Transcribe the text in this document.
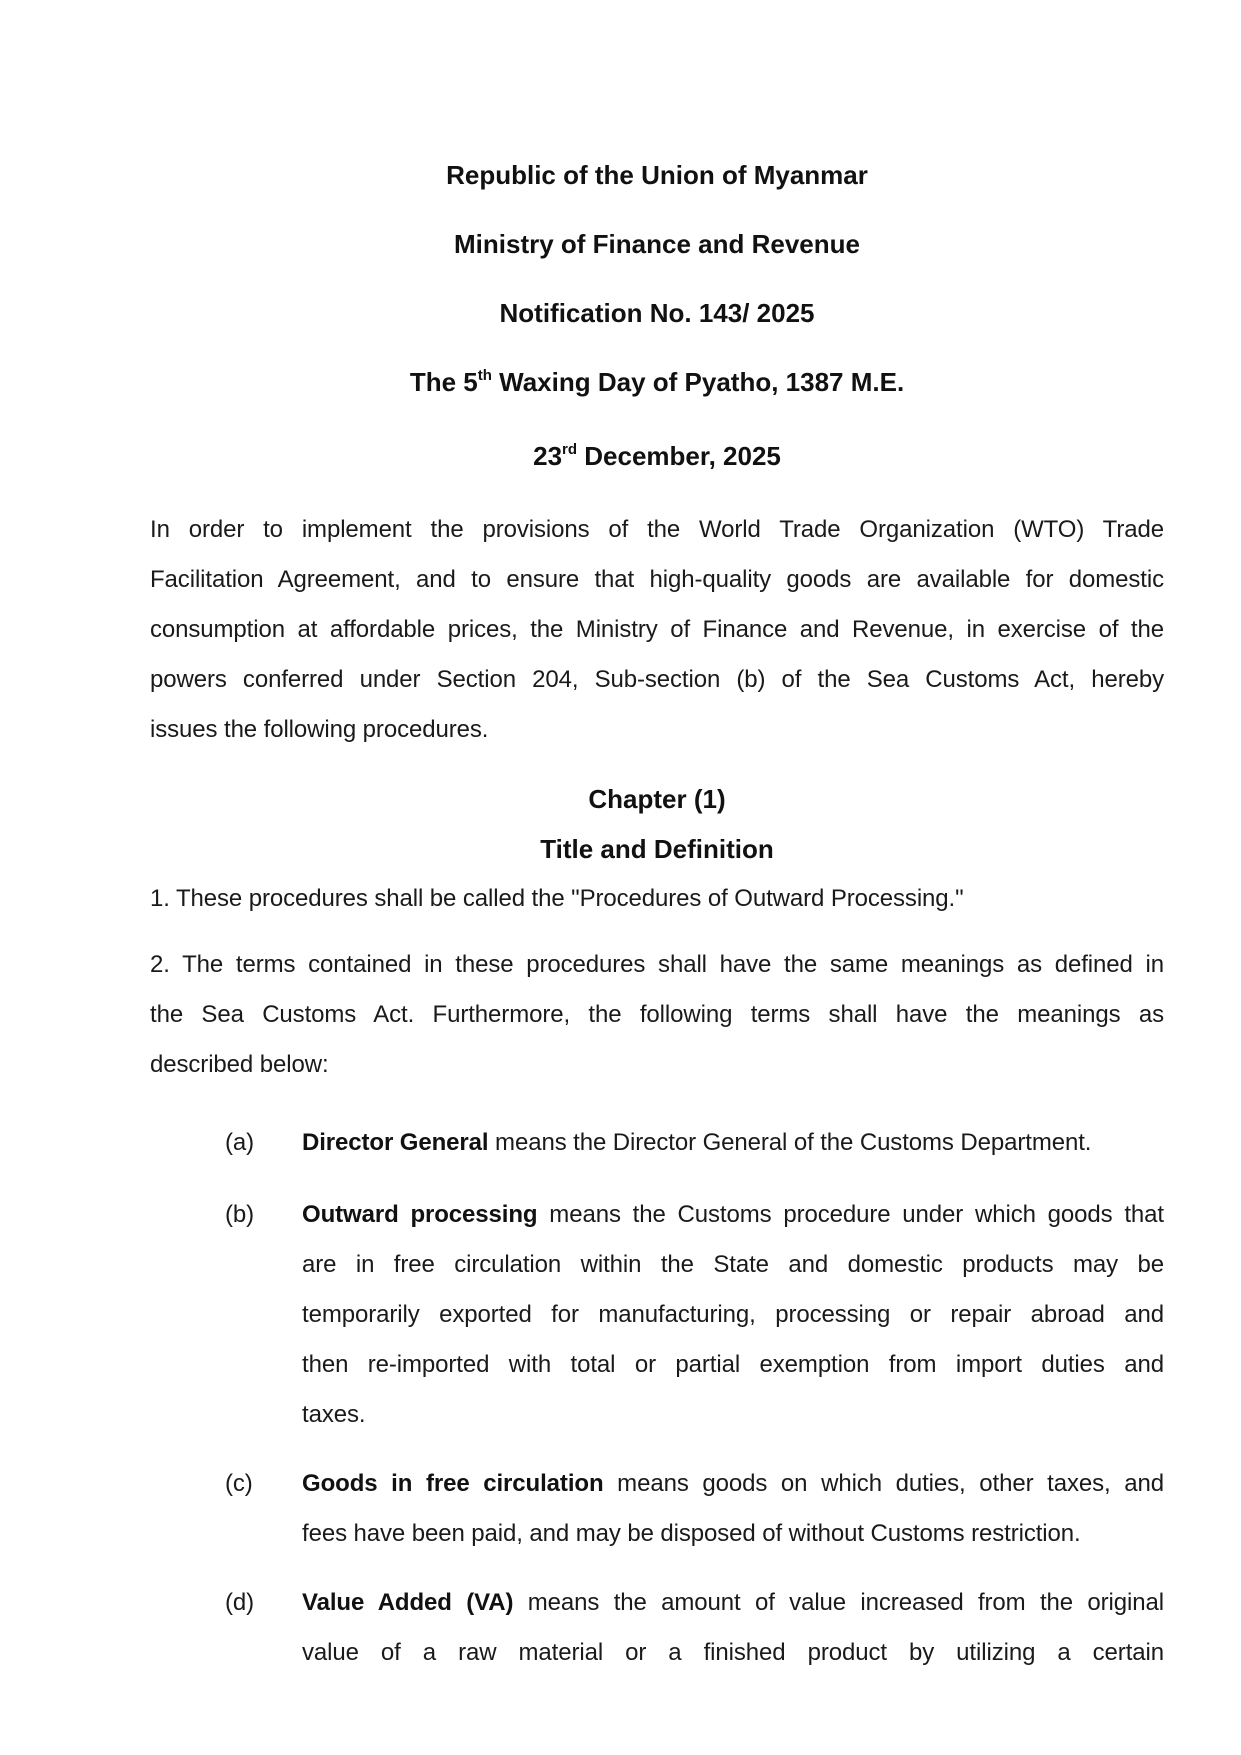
Republic of the Union of Myanmar
Ministry of Finance and Revenue
Notification No. 143/ 2025
The 5th Waxing Day of Pyatho, 1387 M.E.
23rd December, 2025
In order to implement the provisions of the World Trade Organization (WTO) Trade
Facilitation Agreement, and to ensure that high-quality goods are available for domestic
consumption at affordable prices, the Ministry of Finance and Revenue, in exercise of the
powers conferred under Section 204, Sub-section (b) of the Sea Customs Act, hereby
issues the following procedures.
Chapter (1)
Title and Definition
1. These procedures shall be called the "Procedures of Outward Processing."
2. The terms contained in these procedures shall have the same meanings as defined in
the Sea Customs Act. Furthermore, the following terms shall have the meanings as
described below:
(a) Director General means the Director General of the Customs Department.
(b) Outward processing means the Customs procedure under which goods that
are in free circulation within the State and domestic products may be
temporarily exported for manufacturing, processing or repair abroad and
then re-imported with total or partial exemption from import duties and
taxes.
(c) Goods in free circulation means goods on which duties, other taxes, and
fees have been paid, and may be disposed of without Customs restriction.
(d) Value Added (VA) means the amount of value increased from the original
value of a raw material or a finished product by utilizing a certain
